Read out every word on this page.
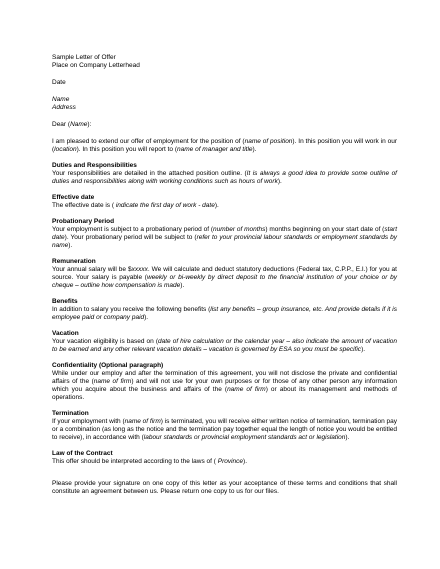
Sample Letter of Offer
Place on Company Letterhead
Date
Name
Address
Dear (Name):
I am pleased to extend our offer of employment for the position of (name of position). In this position you will work in our (location). In this position you will report to (name of manager and title).
Duties and Responsibilities
Your responsibilities are detailed in the attached position outline. (It is always a good idea to provide some outline of duties and responsibilities along with working conditions such as hours of work).
Effective date
The effective date is ( indicate the first day of work - date).
Probationary Period
Your employment is subject to a probationary period of (number of months) months beginning on your start date of (start date). Your probationary period will be subject to (refer to your provincial labour standards or employment standards by name).
Remuneration
Your annual salary will be $xxxxx. We will calculate and deduct statutory deductions (Federal tax, C.P.P., E.I.) for you at source. Your salary is payable (weekly or bi-weekly by direct deposit to the financial institution of your choice or by cheque – outline how compensation is made).
Benefits
In addition to salary you receive the following benefits (list any benefits – group insurance, etc. And provide details if it is employee paid or company paid).
Vacation
Your vacation eligibility is based on (date of hire calculation or the calendar year – also indicate the amount of vacation to be earned and any other relevant vacation details – vacation is governed by ESA so you must be specific).
Confidentiality (Optional paragraph)
While under our employ and after the termination of this agreement, you will not disclose the private and confidential affairs of the (name of firm) and will not use for your own purposes or for those of any other person any information which you acquire about the business and affairs of the (name of firm) or about its management and methods of operations.
Termination
If your employment with (name of firm) is terminated, you will receive either written notice of termination, termination pay or a combination (as long as the notice and the termination pay together equal the length of notice you would be entitled to receive), in accordance with (labour standards or provincial employment standards act or legislation).
Law of the Contract
This offer should be interpreted according to the laws of ( Province).
Please provide your signature on one copy of this letter as your acceptance of these terms and conditions that shall constitute an agreement between us. Please return one copy to us for our files.
